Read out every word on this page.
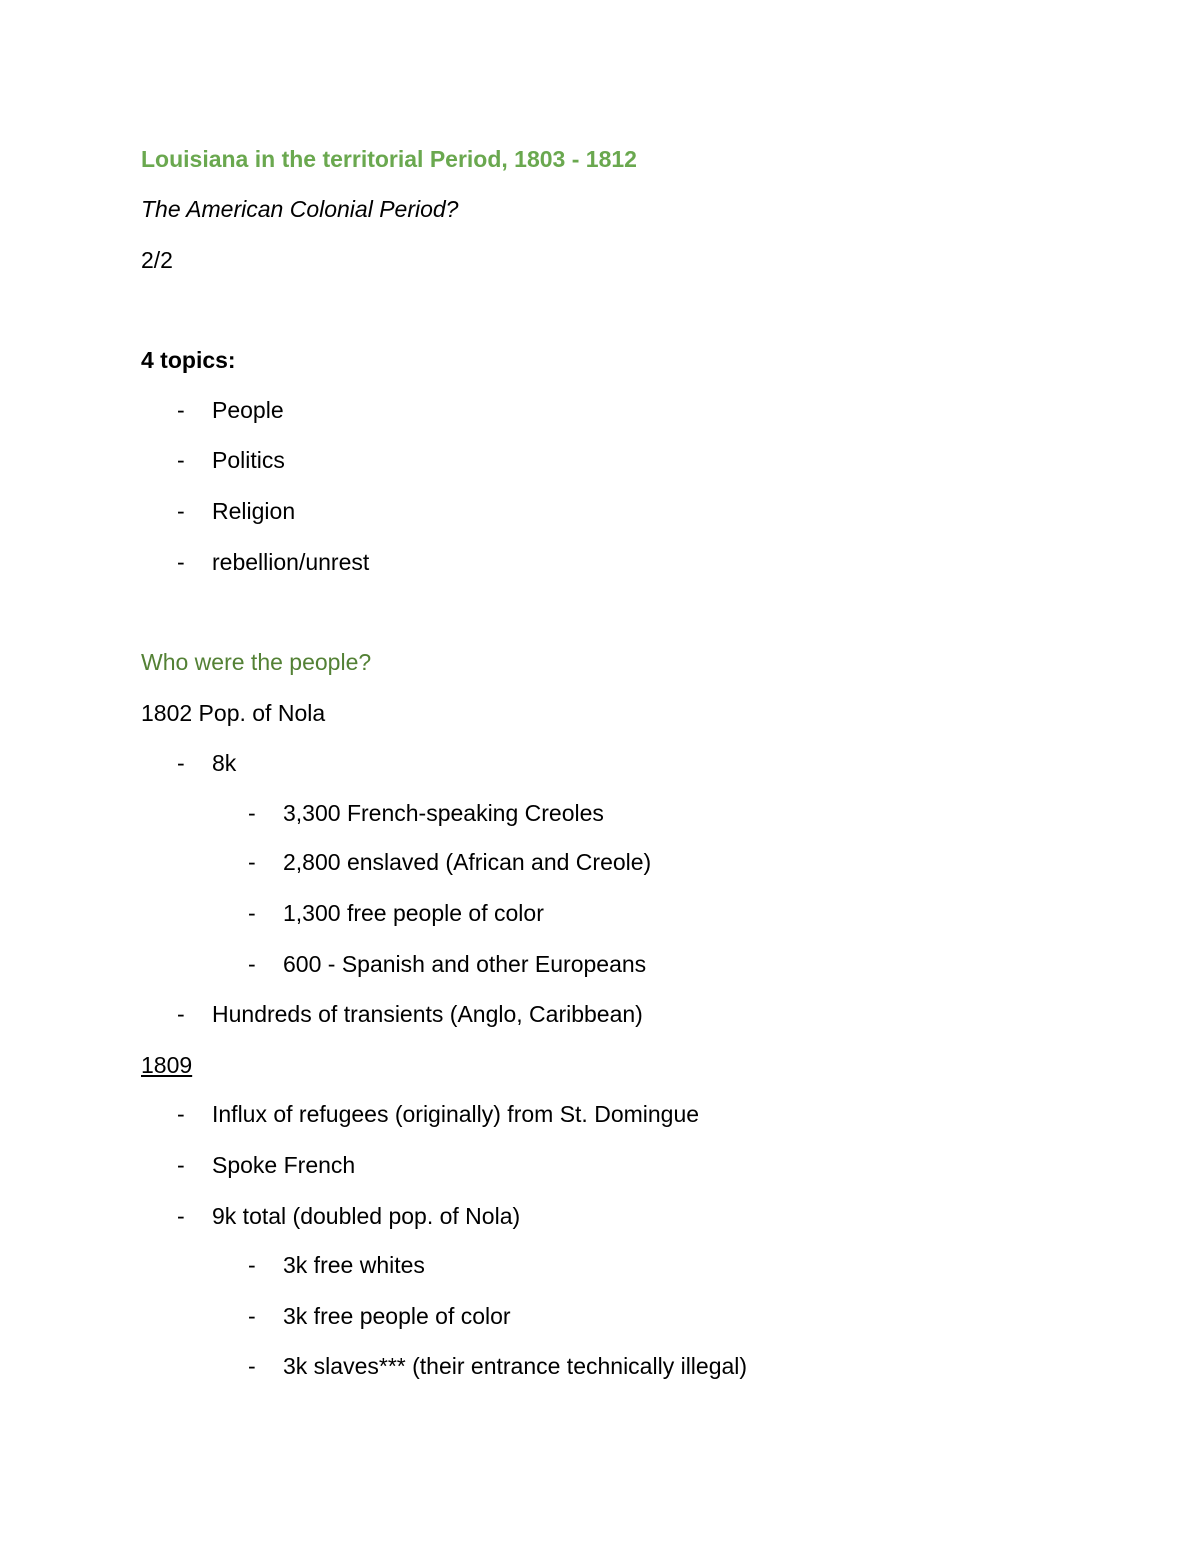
Louisiana in the territorial Period, 1803 - 1812
The American Colonial Period?
2/2
4 topics:
- People
- Politics
- Religion
- rebellion/unrest
Who were the people?
1802 Pop. of Nola
- 8k
- 3,300 French-speaking Creoles
- 2,800 enslaved (African and Creole)
- 1,300 free people of color
- 600 - Spanish and other Europeans
- Hundreds of transients (Anglo, Caribbean)
1809
- Influx of refugees (originally) from St. Domingue
- Spoke French
- 9k total (doubled pop. of Nola)
- 3k free whites
- 3k free people of color
- 3k slaves*** (their entrance technically illegal)
